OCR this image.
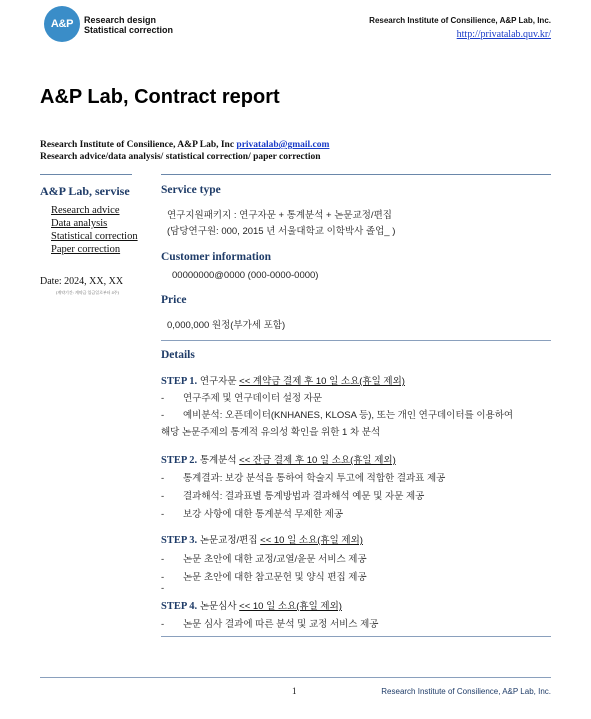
A&P	Research design
Statistical correction
Research Institute of Consilience, A&P Lab, Inc.
http://privatalab.quv.kr/
A&P Lab, Contract report
Research Institute of Consilience, A&P Lab, Inc privatalab@gmail.com
Research advice/data analysis/ statistical correction/ paper correction
A&P Lab, servise
Research advice
Data analysis
Statistical correction
Paper correction
Date: 2024, XX, XX
(계약기간: 계약금 입금일로부터 4주)
Service type
연구지원패키지 : 연구자문 + 통계분석 + 논문교정/편집
(담당연구원: 000, 2015 년 서울대학교 이학박사 졸업_ )
Customer information
00000000@0000 (000-0000-0000)
Price
0,000,000 원정(부가세 포함)
Details
STEP 1. 연구자문 << 계약금 결제 후 10 일 소요(휴일 제외)
- 연구주제 및 연구데이터 설정 자문
- 예비분석: 오픈데이터(KNHANES, KLOSA 등), 또는 개인 연구데이터를 이용하여
해당 논문주제의 통계적 유의성 확인을 위한 1 차 분석
STEP 2. 통계분석 << 잔금 결제 후 10 일 소요(휴일 제외)
- 통계결과: 보강 분석을 통하여 학술지 투고에 적합한 결과표 제공
- 결과해석: 결과표별 통계방법과 결과해석 예문 및 자문 제공
- 보강 사항에 대한 통계분석 무제한 제공
STEP 3. 논문교정/편집 << 10 일 소요(휴일 제외)
- 논문 초안에 대한 교정/교열/윤문 서비스 제공
- 논문 초안에 대한 참고문헌 및 양식 편집 제공
-
STEP 4. 논문심사 << 10 일 소요(휴일 제외)
- 논문 심사 결과에 따른 분석 및 교정 서비스 제공
1	Research Institute of Consilience, A&P Lab, Inc.
